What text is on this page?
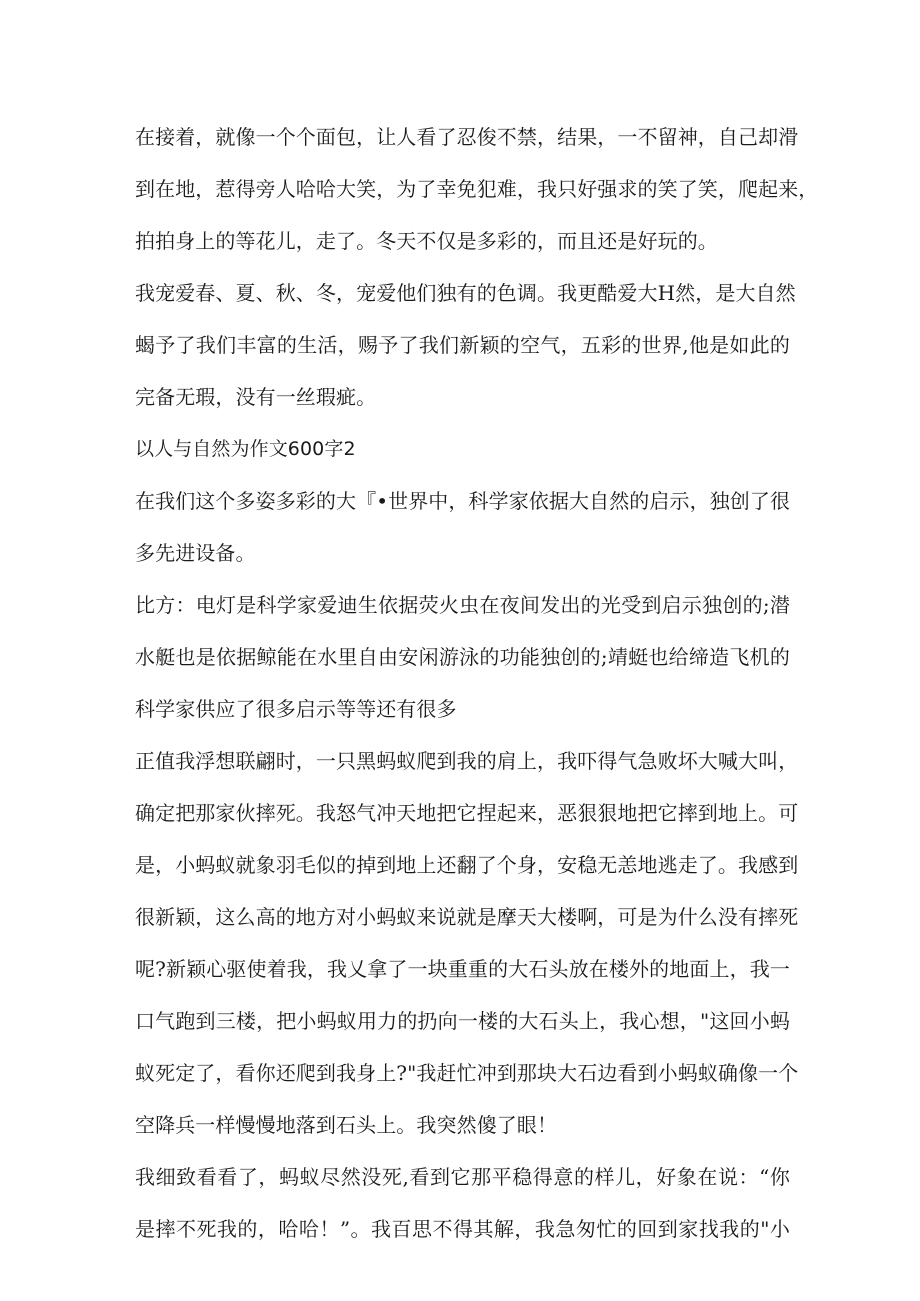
在接着，就像一个个面包，让人看了忍俊不禁，结果，一不留神，自己却滑
到在地，惹得旁人哈哈大笑，为了幸免犯难，我只好强求的笑了笑，爬起来，
拍拍身上的等花儿，走了。冬天不仅是多彩的，而且还是好玩的。
我宠爱春、夏、秋、冬，宠爱他们独有的色调。我更酷爱大H然，是大自然
蝎予了我们丰富的生活，赐予了我们新颖的空气，五彩的世界,他是如此的
完备无瑕，没有一丝瑕疵。
以人与自然为作文600字2
在我们这个多姿多彩的大『•世界中，科学家依据大自然的启示，独创了很
多先进设备。
比方：电灯是科学家爱迪生依据荧火虫在夜间发出的光受到启示独创的;潜
水艇也是依据鲸能在水里自由安闲游泳的功能独创的;靖蜓也给缔造飞机的
科学家供应了很多启示等等还有很多
正值我浮想联翩时，一只黑蚂蚁爬到我的肩上，我吓得气急败坏大喊大叫，
确定把那家伙摔死。我怒气冲天地把它捏起来，恶狠狠地把它摔到地上。可
是，小蚂蚁就象羽毛似的掉到地上还翻了个身，安稳无恙地逃走了。我感到
很新颖，这么高的地方对小蚂蚁来说就是摩天大楼啊，可是为什么没有摔死
呢?新颖心驱使着我，我乂拿了一块重重的大石头放在楼外的地面上，我一
口气跑到三楼，把小蚂蚁用力的扔向一楼的大石头上，我心想，"这回小蚂
蚁死定了，看你还爬到我身上?"我赶忙冲到那块大石边看到小蚂蚁确像一个
空降兵一样慢慢地落到石头上。我突然傻了眼！
我细致看看了，蚂蚁尽然没死,看到它那平稳得意的样儿，好象在说：“你
是摔不死我的，哈哈！”。我百思不得其解，我急匆忙的回到家找我的"小
